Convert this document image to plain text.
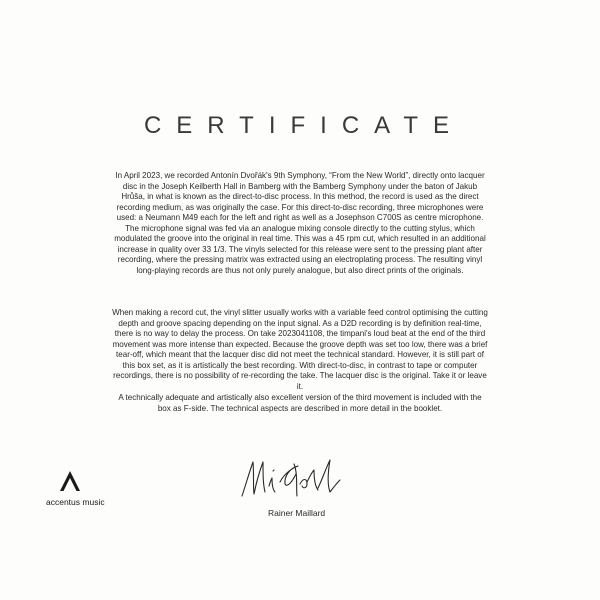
CERTIFICATE

In April 2023, we recorded Antonín Dvořák's 9th Symphony, “From the New World”, directly onto lacquer disc in the Joseph Keilberth Hall in Bamberg with the Bamberg Symphony under the baton of Jakub Hrůša, in what is known as the direct-to-disc process. In this method, the record is used as the direct recording medium, as was originally the case. For this direct-to-disc recording, three microphones were used: a Neumann M49 each for the left and right as well as a Josephson C700S as centre microphone. The microphone signal was fed via an analogue mixing console directly to the cutting stylus, which modulated the groove into the original in real time. This was a 45 rpm cut, which resulted in an additional increase in quality over 33 1/3. The vinyls selected for this release were sent to the pressing plant after recording, where the pressing matrix was extracted using an electroplating process. The resulting vinyl long-playing records are thus not only purely analogue, but also direct prints of the originals.

When making a record cut, the vinyl slitter usually works with a variable feed control optimising the cutting depth and groove spacing depending on the input signal. As a D2D recording is by definition real-time, there is no way to delay the process. On take 2023041108, the timpani's loud beat at the end of the third movement was more intense than expected. Because the groove depth was set too low, there was a brief tear-off, which meant that the lacquer disc did not meet the technical standard. However, it is still part of this box set, as it is artistically the best recording. With direct-to-disc, in contrast to tape or computer recordings, there is no possibility of re-recording the take. The lacquer disc is the original. Take it or leave it.

A technically adequate and artistically also excellent version of the third movement is included with the box as F-side. The technical aspects are described in more detail in the booklet.

accentus music
Rainer Maillard
